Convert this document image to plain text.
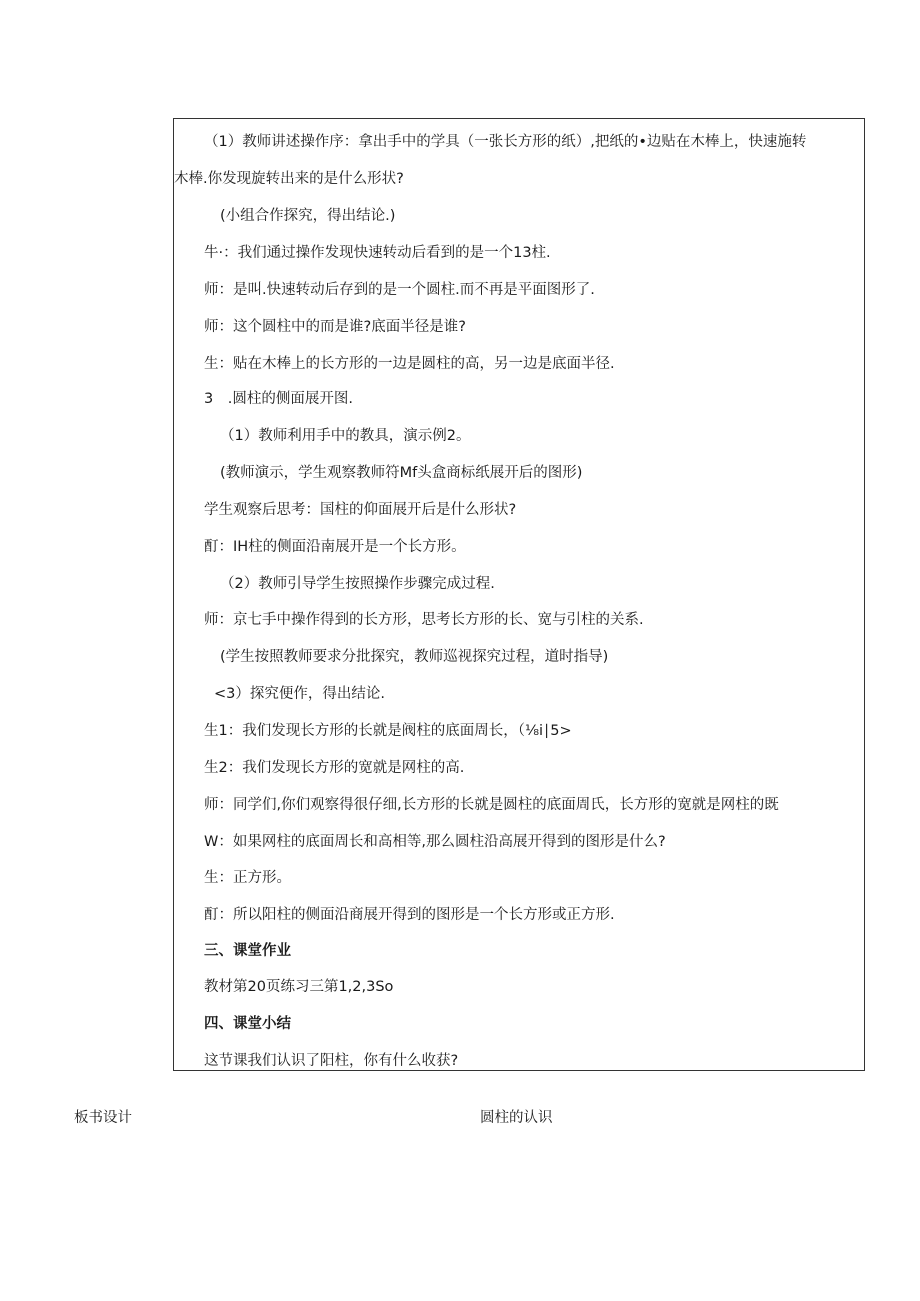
（1）教师讲述操作序：拿出手中的学具（一张长方形的纸）,把纸的•边贴在木棒上，快速施转
木棒.你发现旋转出来的是什么形状?
(小组合作探究，得出结论.)
牛·：我们通过操作发现快速转动后看到的是一个13柱.
师：是叫.快速转动后存到的是一个圆柱.而不再是平面图形了.
师：这个圆柱中的而是谁?底面半径是谁?
生：贴在木棒上的长方形的一边是圆柱的高，另一边是底面半径.
3　.圆柱的侧面展开图.
（1）教师利用手中的教具，演示例2。
(教师演示，学生观察教师符Mf头盒商标纸展开后的图形)
学生观察后思考：国柱的仰面展开后是什么形状?
酊：IH柱的侧面沿南展开是一个长方形。
（2）教师引导学生按照操作步骤完成过程.
师：京七手中操作得到的长方形，思考长方形的长、宽与引柱的关系.
(学生按照教师要求分批探究，教师巡视探究过程，道时指导)
<3）探究便作，得出结论.
生1：我们发现长方形的长就是阀柱的底面周长，（⅛i∣5>
生2：我们发现长方形的宽就是网柱的高.
师：同学们,你们观察得很仔细,长方形的长就是圆柱的底面周氏，长方形的宽就是网柱的既
W：如果网柱的底面周长和高相等,那么圆柱沿高展开得到的图形是什么?
生：正方形。
酊：所以阳柱的侧面沿商展开得到的图形是一个长方形或正方形.
三、课堂作业
教材第20页练习三第1,2,3So
四、课堂小结
这节课我们认识了阳柱，你有什么收获?
板书设计	圆柱的认识
